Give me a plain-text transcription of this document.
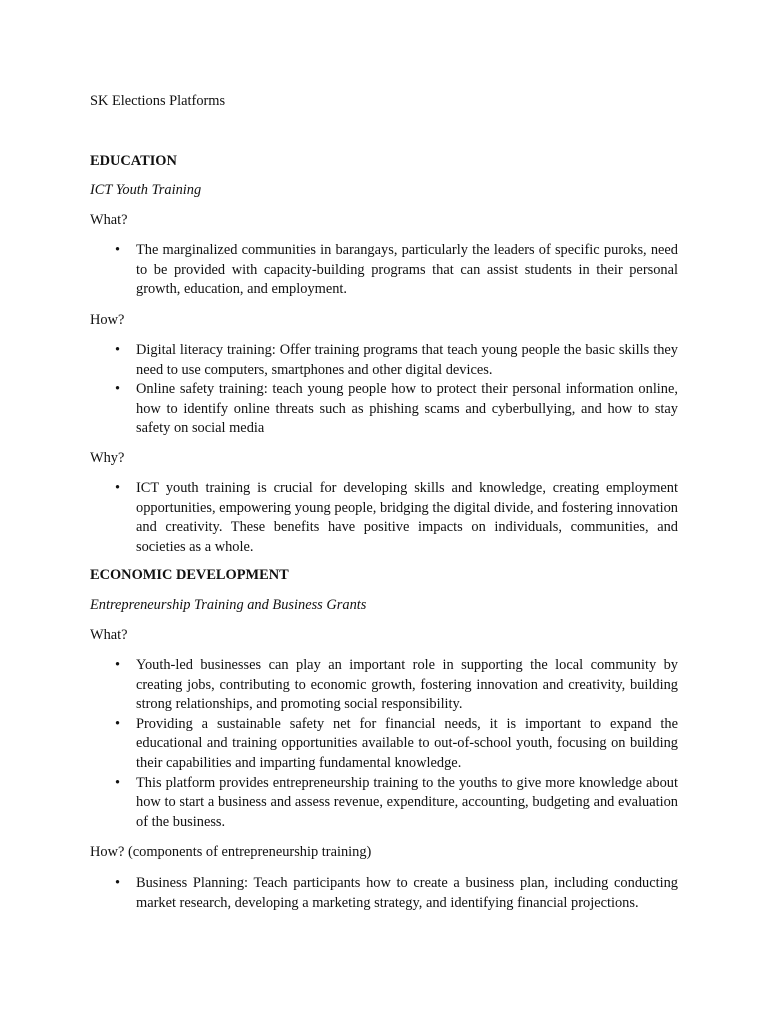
SK Elections Platforms

EDUCATION

ICT Youth Training

What?

• The marginalized communities in barangays, particularly the leaders of specific puroks, need to be provided with capacity-building programs that can assist students in their personal growth, education, and employment.

How?

• Digital literacy training: Offer training programs that teach young people the basic skills they need to use computers, smartphones and other digital devices.
• Online safety training: teach young people how to protect their personal information online, how to identify online threats such as phishing scams and cyberbullying, and how to stay safety on social media

Why?

• ICT youth training is crucial for developing skills and knowledge, creating employment opportunities, empowering young people, bridging the digital divide, and fostering innovation and creativity. These benefits have positive impacts on individuals, communities, and societies as a whole.

ECONOMIC DEVELOPMENT

Entrepreneurship Training and Business Grants

What?

• Youth-led businesses can play an important role in supporting the local community by creating jobs, contributing to economic growth, fostering innovation and creativity, building strong relationships, and promoting social responsibility.
• Providing a sustainable safety net for financial needs, it is important to expand the educational and training opportunities available to out-of-school youth, focusing on building their capabilities and imparting fundamental knowledge.
• This platform provides entrepreneurship training to the youths to give more knowledge about how to start a business and assess revenue, expenditure, accounting, budgeting and evaluation of the business.

How? (components of entrepreneurship training)

• Business Planning: Teach participants how to create a business plan, including conducting market research, developing a marketing strategy, and identifying financial projections.
